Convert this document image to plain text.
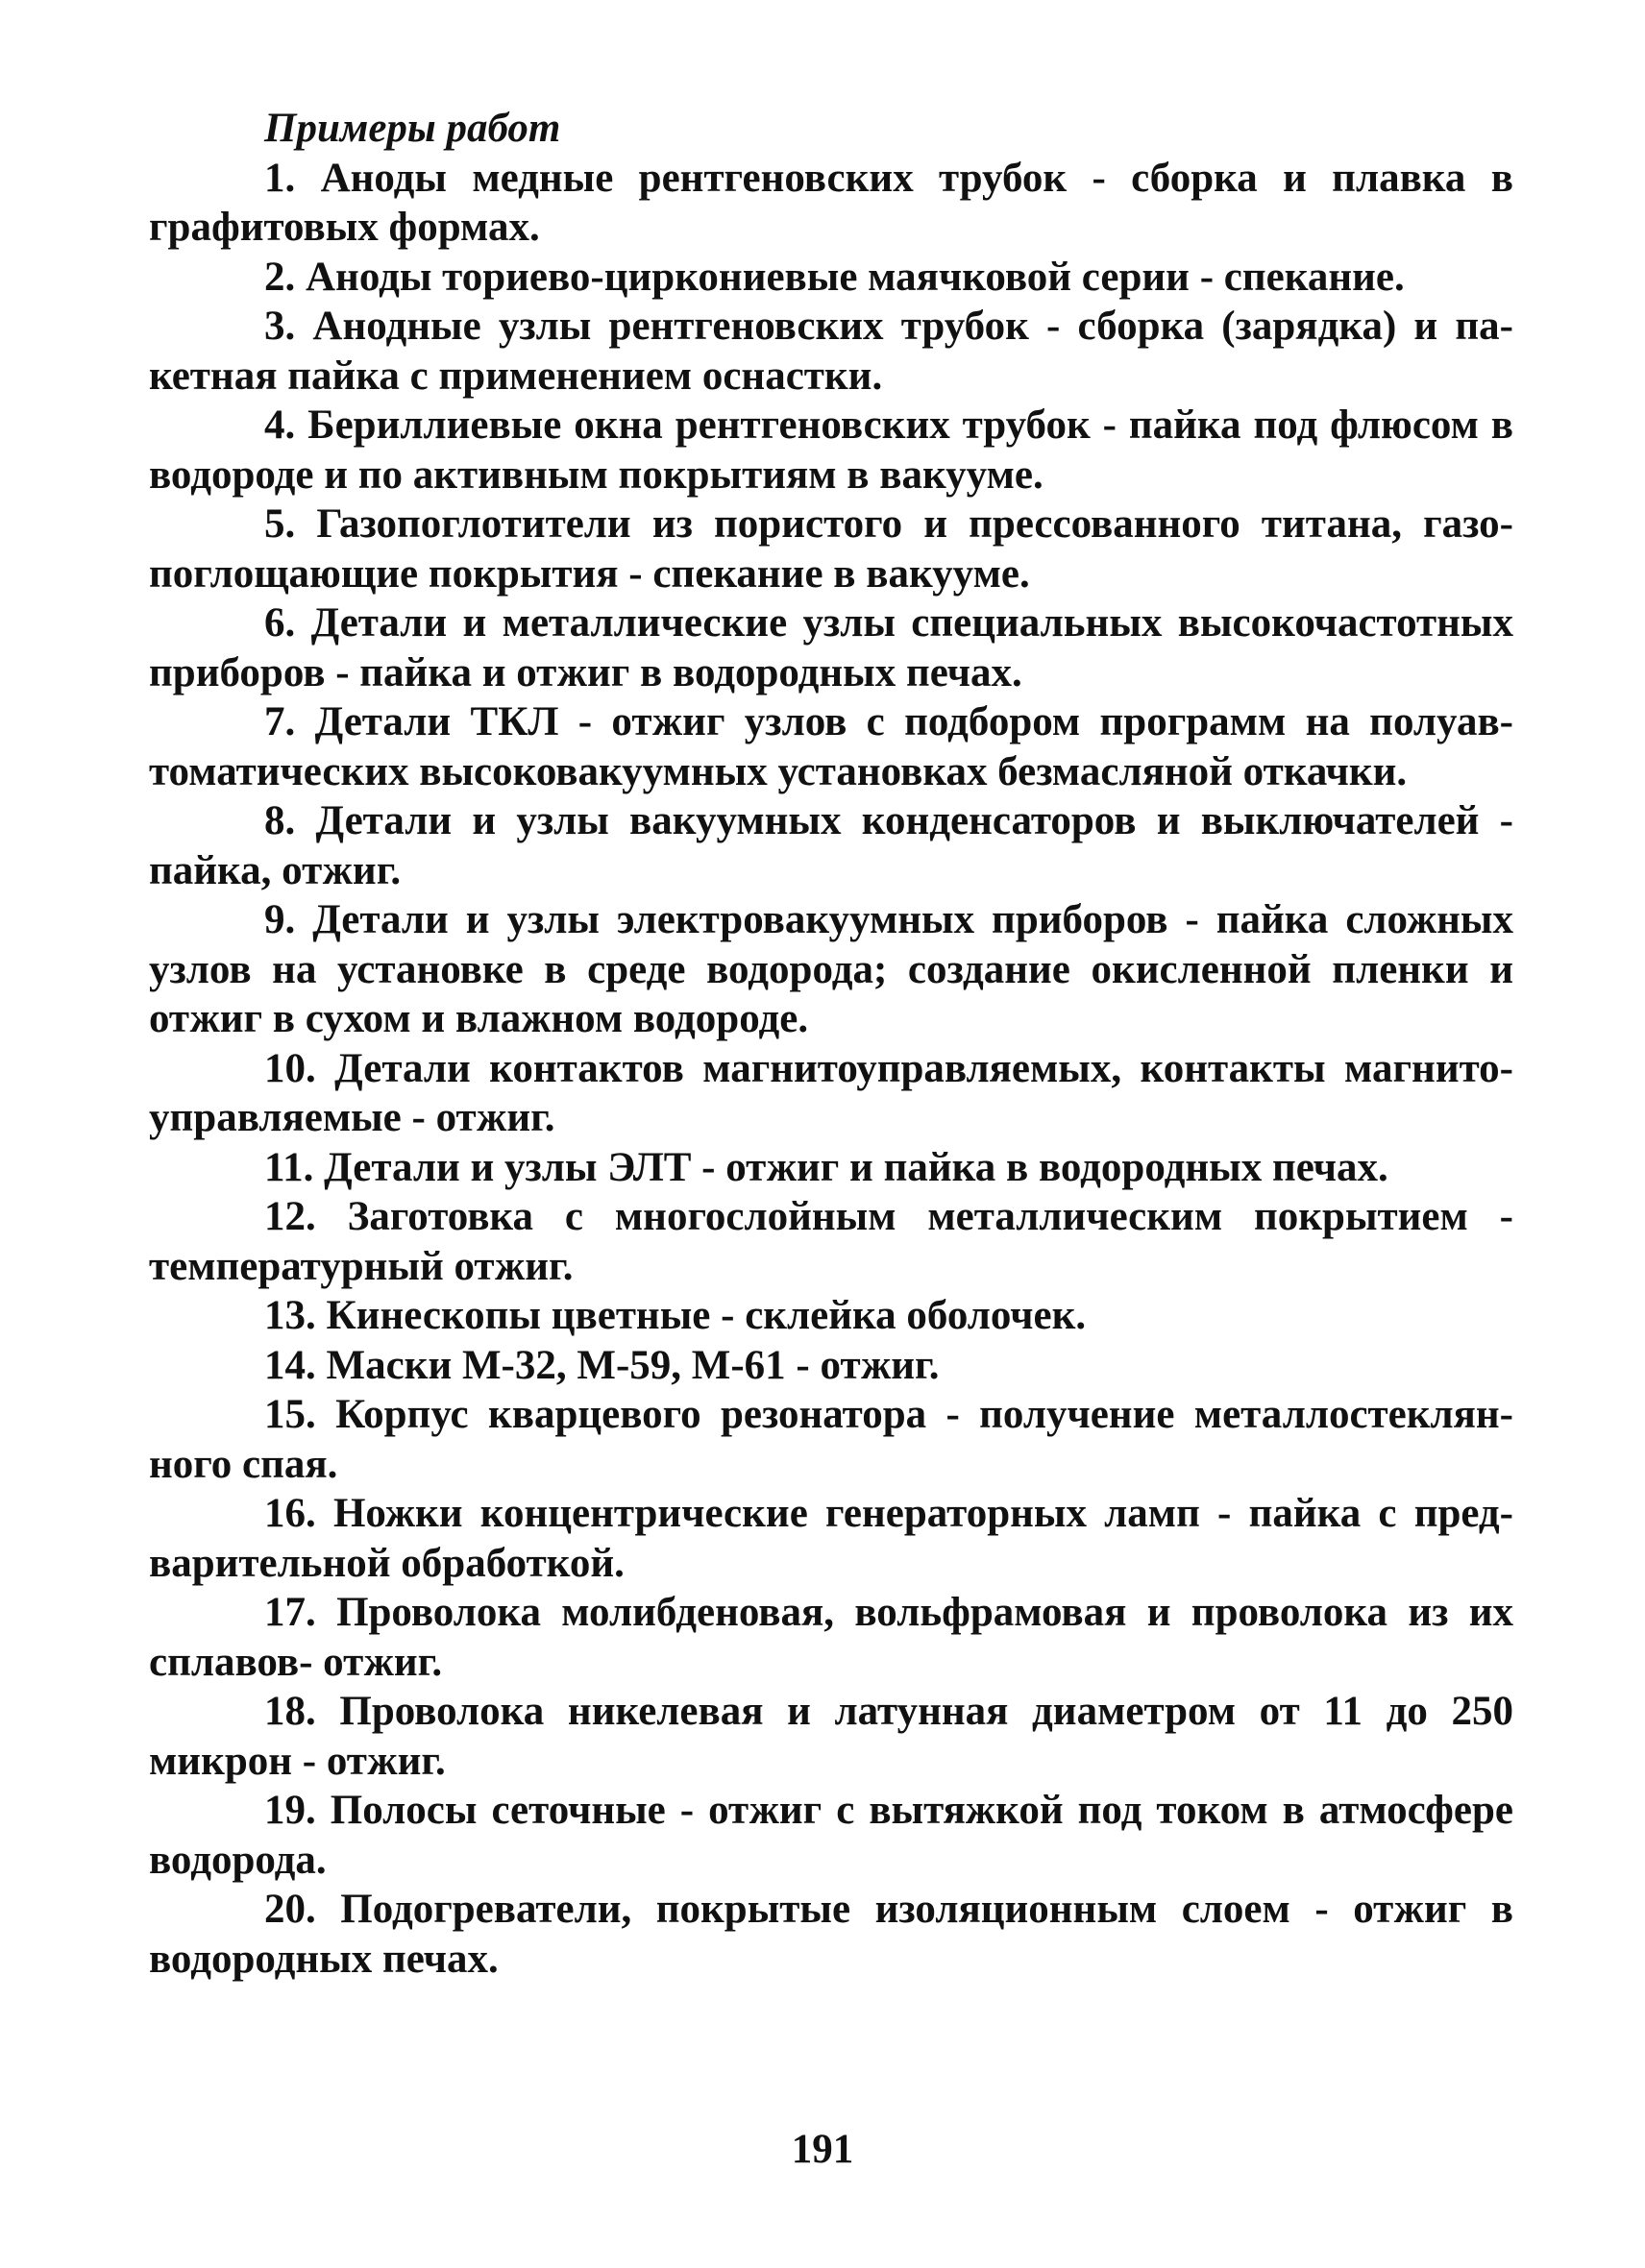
Примеры работ

1. Аноды медные рентгеновских трубок - сборка и плавка в графитовых формах.

2. Аноды ториево-циркониевые маячковой серии - спекание.

3. Анодные узлы рентгеновских трубок - сборка (зарядка) и пакетная пайка с применением оснастки.

4. Бериллиевые окна рентгеновских трубок - пайка под флюсом в водороде и по активным покрытиям в вакууме.

5. Газопоглотители из пористого и прессованного титана, газопоглощающие покрытия - спекание в вакууме.

6. Детали и металлические узлы специальных высокочастотных приборов - пайка и отжиг в водородных печах.

7. Детали ТКЛ - отжиг узлов с подбором программ на полуавтоматических высоковакуумных установках безмасляной откачки.

8. Детали и узлы вакуумных конденсаторов и выключателей - пайка, отжиг.

9. Детали и узлы электровакуумных приборов - пайка сложных узлов на установке в среде водорода; создание окисленной пленки и отжиг в сухом и влажном водороде.

10. Детали контактов магнитоуправляемых, контакты магнитоуправляемые - отжиг.

11. Детали и узлы ЭЛТ - отжиг и пайка в водородных печах.

12. Заготовка с многослойным металлическим покрытием - температурный отжиг.

13. Кинескопы цветные - склейка оболочек.

14. Маски М-32, М-59, М-61 - отжиг.

15. Корпус кварцевого резонатора - получение металлостеклянного спая.

16. Ножки концентрические генераторных ламп - пайка с предварительной обработкой.

17. Проволока молибденовая, вольфрамовая и проволока из их сплавов- отжиг.

18. Проволока никелевая и латунная диаметром от 11 до 250 микрон - отжиг.

19. Полосы сеточные - отжиг с вытяжкой под током в атмосфере водорода.

20. Подогреватели, покрытые изоляционным слоем - отжиг в водородных печах.

191
